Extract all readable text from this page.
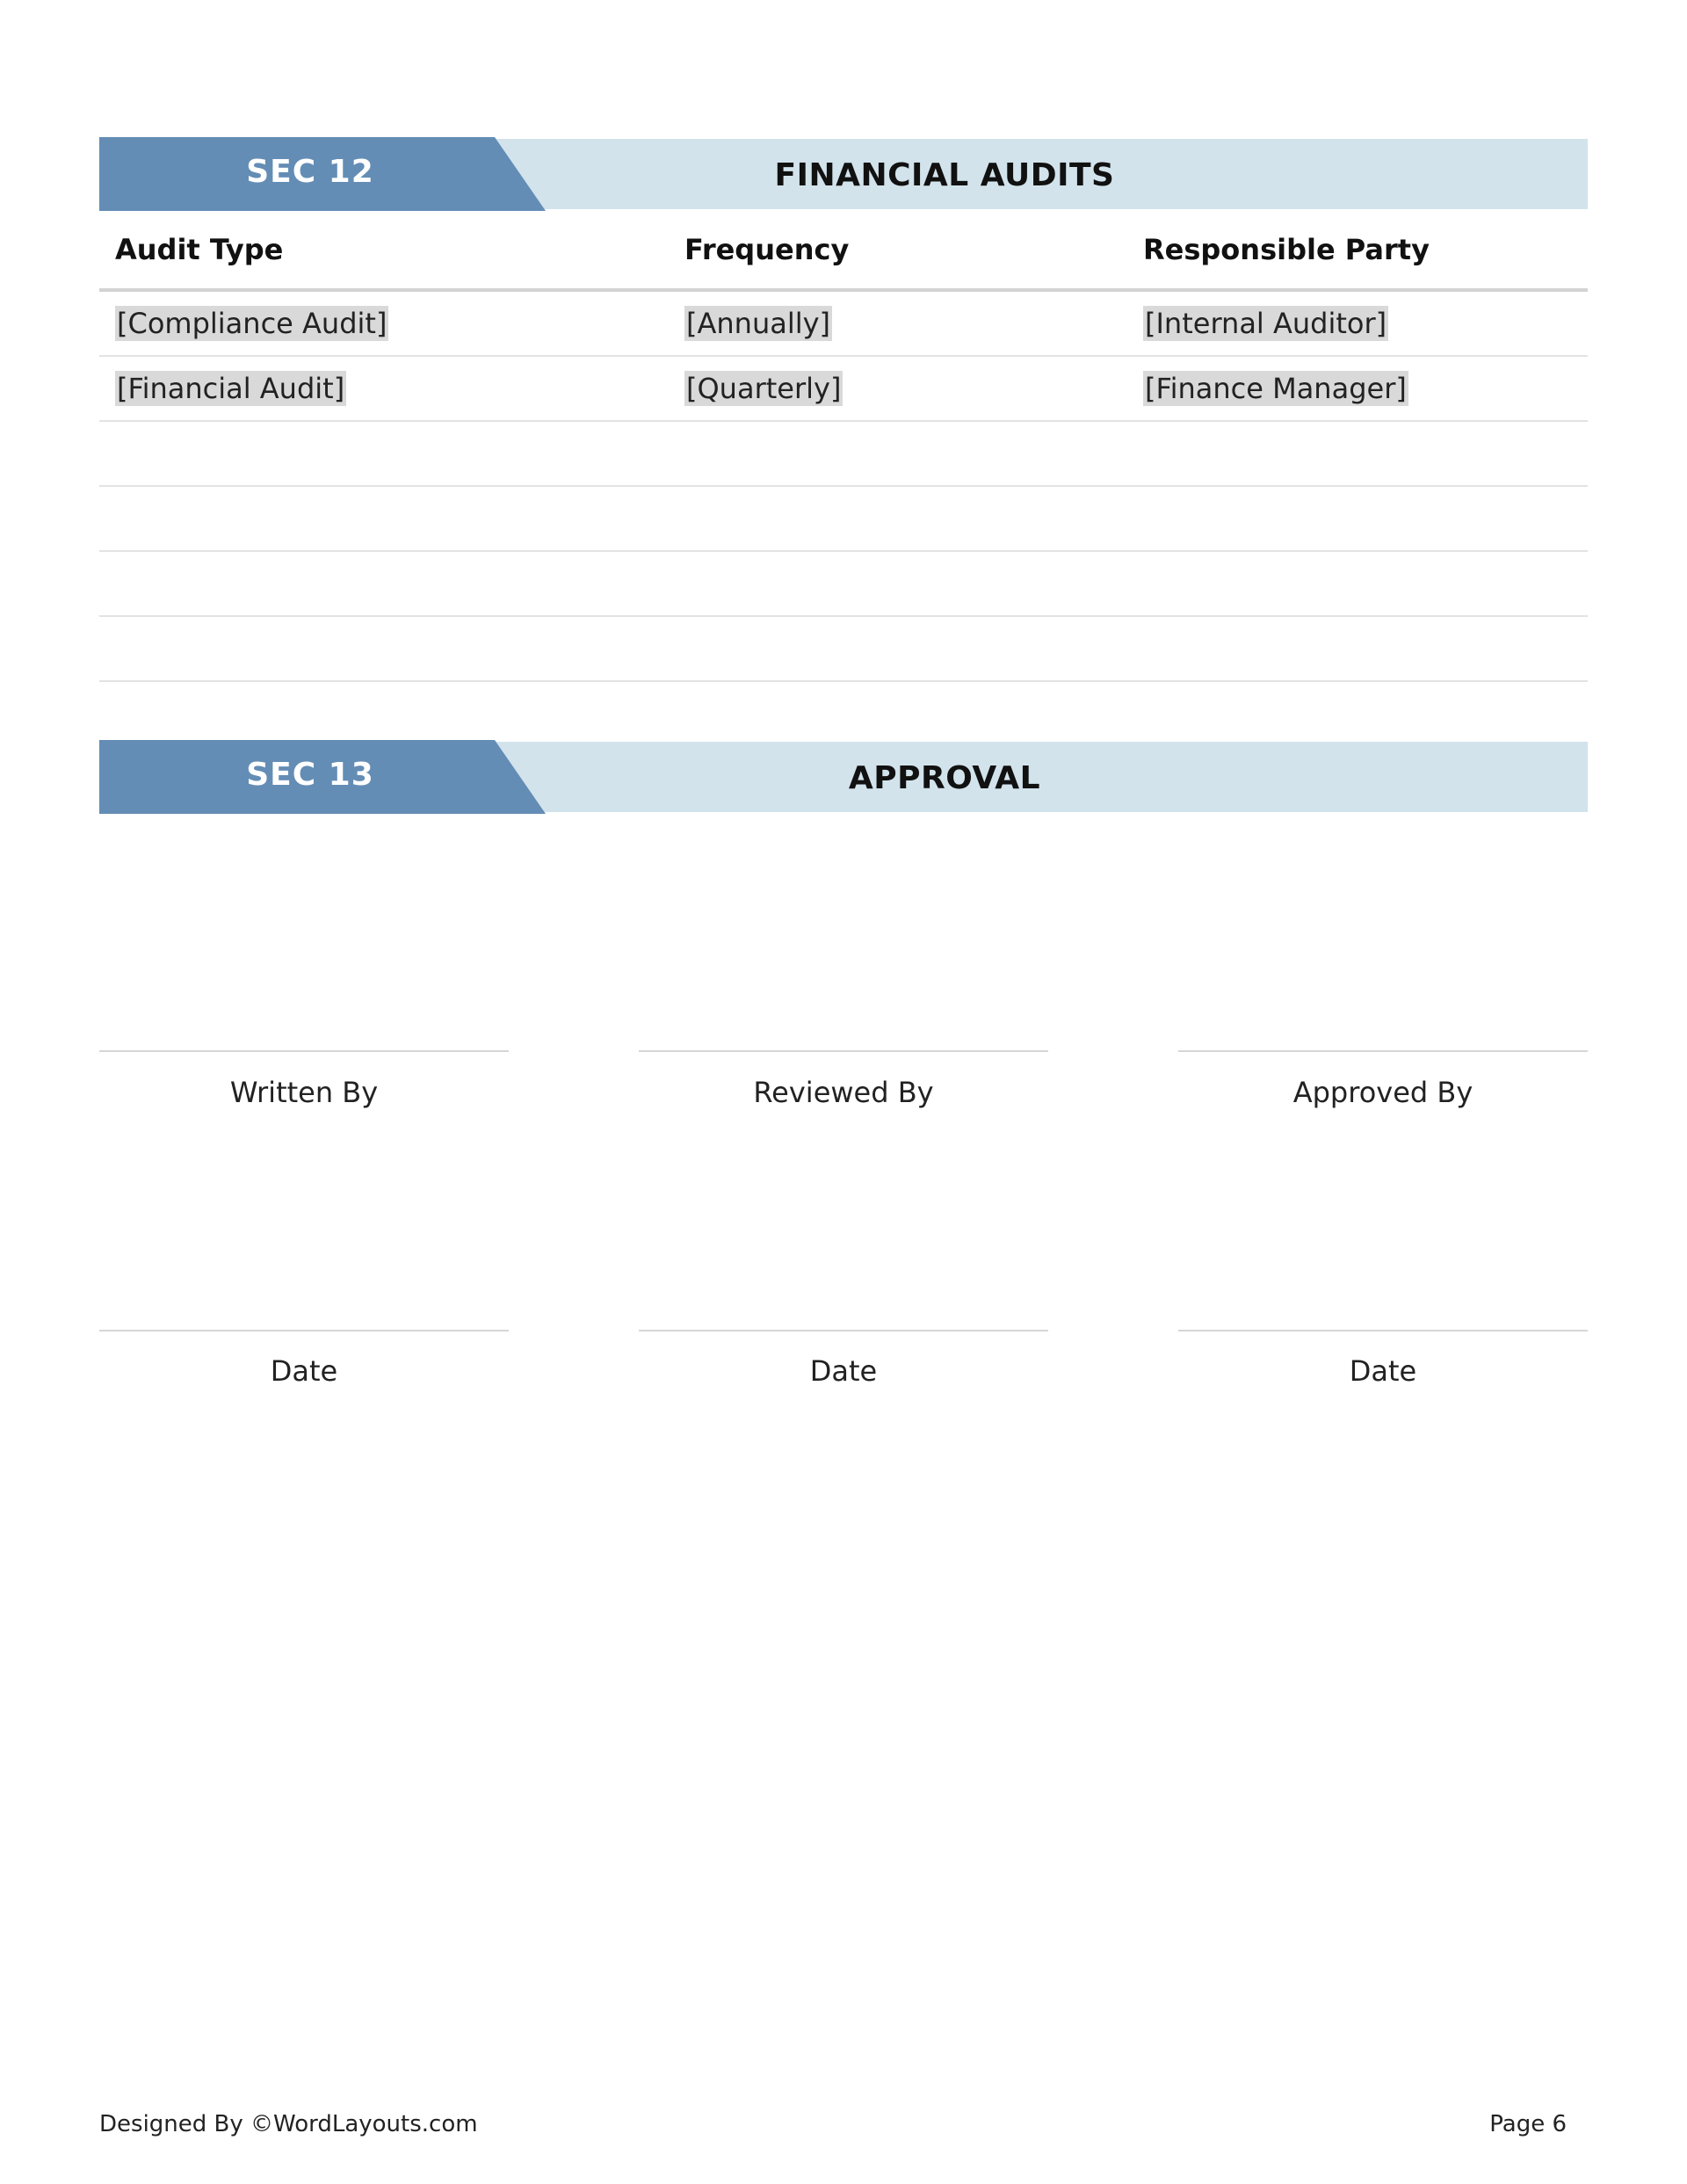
SEC 12	FINANCIAL AUDITS
Audit Type	Frequency	Responsible Party
[Compliance Audit]	[Annually]	[Internal Auditor]
[Financial Audit]	[Quarterly]	[Finance Manager]
SEC 13	APPROVAL
Written By	Reviewed By	Approved By
Date	Date	Date
Designed By ©WordLayouts.com	Page 6
